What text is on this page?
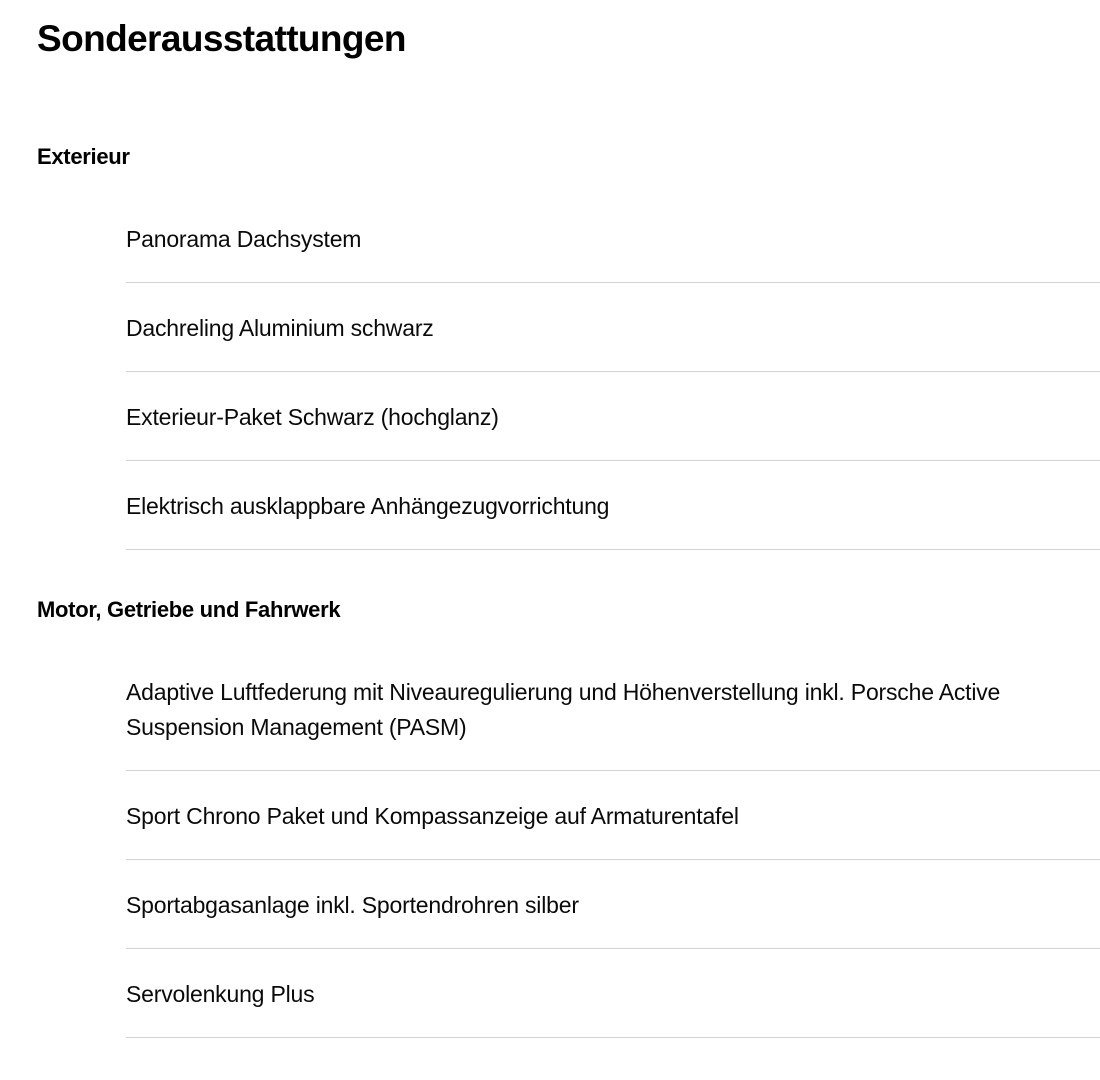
Sonderausstattungen
Exterieur
Panorama Dachsystem
Dachreling Aluminium schwarz
Exterieur-Paket Schwarz (hochglanz)
Elektrisch ausklappbare Anhängezugvorrichtung
Motor, Getriebe und Fahrwerk
Adaptive Luftfederung mit Niveauregulierung und Höhenverstellung inkl. Porsche Active Suspension Management (PASM)
Sport Chrono Paket und Kompassanzeige auf Armaturentafel
Sportabgasanlage inkl. Sportendrohren silber
Servolenkung Plus
